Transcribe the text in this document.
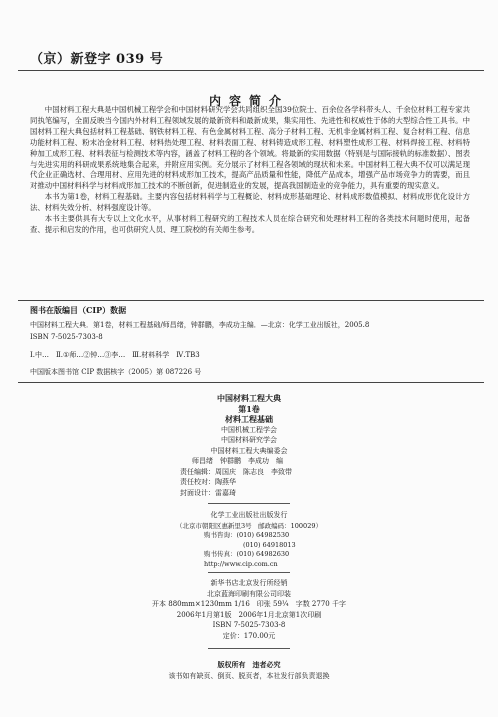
（京）新登字 039 号
内容简介

中国材料工程大典是中国机械工程学会和中国材料研究学会共同组织全国39位院士、百余位各学科带头人、千余位材料工程专家共同执笔编写，全面反映当今国内外材料工程领域发展的最新资料和最新成果，集实用性、先进性和权威性于体的大型综合性工具书。中国材料工程大典包括材料工程基础、钢铁材料工程、有色金属材料工程、高分子材料工程、无机非金属材料工程、复合材料工程、信息功能材料工程、粉末冶金材料工程、材料热处理工程、材料表面工程、材料铸造成形工程、材料塑性成形工程、材料焊接工程、材料特种加工成形工程、材料表征与检测技术等内容，涵盖了材料工程的各个领域。将最新的实用数据（特别是与国际接轨的标准数据）、图表与先进实用的科研成果系统地集合起来，并附应用实例。充分展示了材料工程各领域的现状和未来。中国材料工程大典不仅可以满足现代企业正确选材、合理用材、应用先进的材料成形加工技术，提高产品质量和性能，降低产品成本，增强产品市场竞争力的需要，而且对推动中国材料科学与材料成形加工技术的不断创新，促进制造业的发展，提高我国制造业的竞争能力，具有重要的现实意义。

本书为第1卷，材料工程基础。主要内容包括材料科学与工程概论、材料成形基础理论、材料成形数值模拟、材料成形优化设计方法、材料失效分析、材料强度设计等。

本书主要供具有大专以上文化水平，从事材料工程研究的工程技术人员在综合研究和处理材料工程的各类技术问题时使用，起备查、提示和启发的作用，也可供研究人员、理工院校的有关师生参考。

图书在版编目（CIP）数据
中国材料工程大典．第1卷，材料工程基础/师昌绪，钟群鹏，李成功主编．—北京：化学工业出版社，2005.8
ISBN 7-5025-7303-8
Ⅰ.中…　Ⅱ.①师…②钟…③李…　Ⅲ.材料科学　Ⅳ.TB3
中国版本图书馆 CIP 数据核字（2005）第 087226 号
中国材料工程大典
第1卷
材料工程基础
中国机械工程学会
中国材料研究学会
中国材料工程大典编委会
师昌绪　钟群鹏　李成功　编
责任编辑：周国庆　陈志良　李致带
责任校对：陶燕华
封面设计：雷嘉琦
化学工业出版社出版发行
（北京市朝阳区惠新里3号　邮政编码：100029）
购书咨询：(010) 64982530
(010) 64918013
购书传真：(010) 64982630
http://www.cip.com.cn
新华书店北京发行所经销
北京蓝海印刷有限公司印装
开本 880mm×1230mm 1/16　印张 59¼　字数 2770 千字
2006年1月第1版　2006年1月北京第1次印刷
ISBN 7-5025-7303-8
定价：170.00元
版权所有　违者必究
该书如有缺页、倒页、脱页者，本社发行部负责退换
